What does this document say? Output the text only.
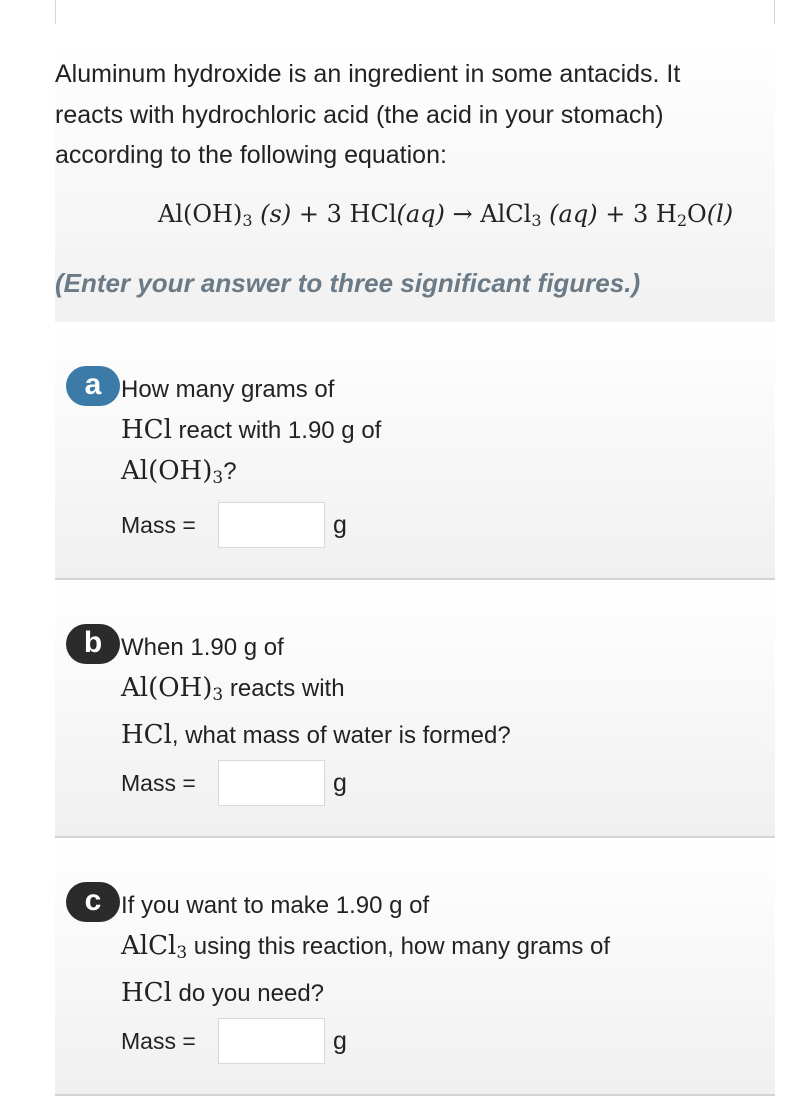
Aluminum hydroxide is an ingredient in some antacids. It reacts with hydrochloric acid (the acid in your stomach) according to the following equation:

$Al(OH)_3$ (s) + 3 HCl(aq) → AlCl$_3$ (aq) + 3 $H_2O(l)$
(Enter your answer to three significant figures.)
a How many grams of
HCl react with 1.90 g of
$Al(OH)_3$?
Mass =	g
b When 1.90 g of
$Al(OH)_3$ reacts with
HCl, what mass of water is formed?
Mass =	g
c If you want to make 1.90 g of
AlCl$_3$ using this reaction, how many grams of
HCl do you need?
Mass =	g
